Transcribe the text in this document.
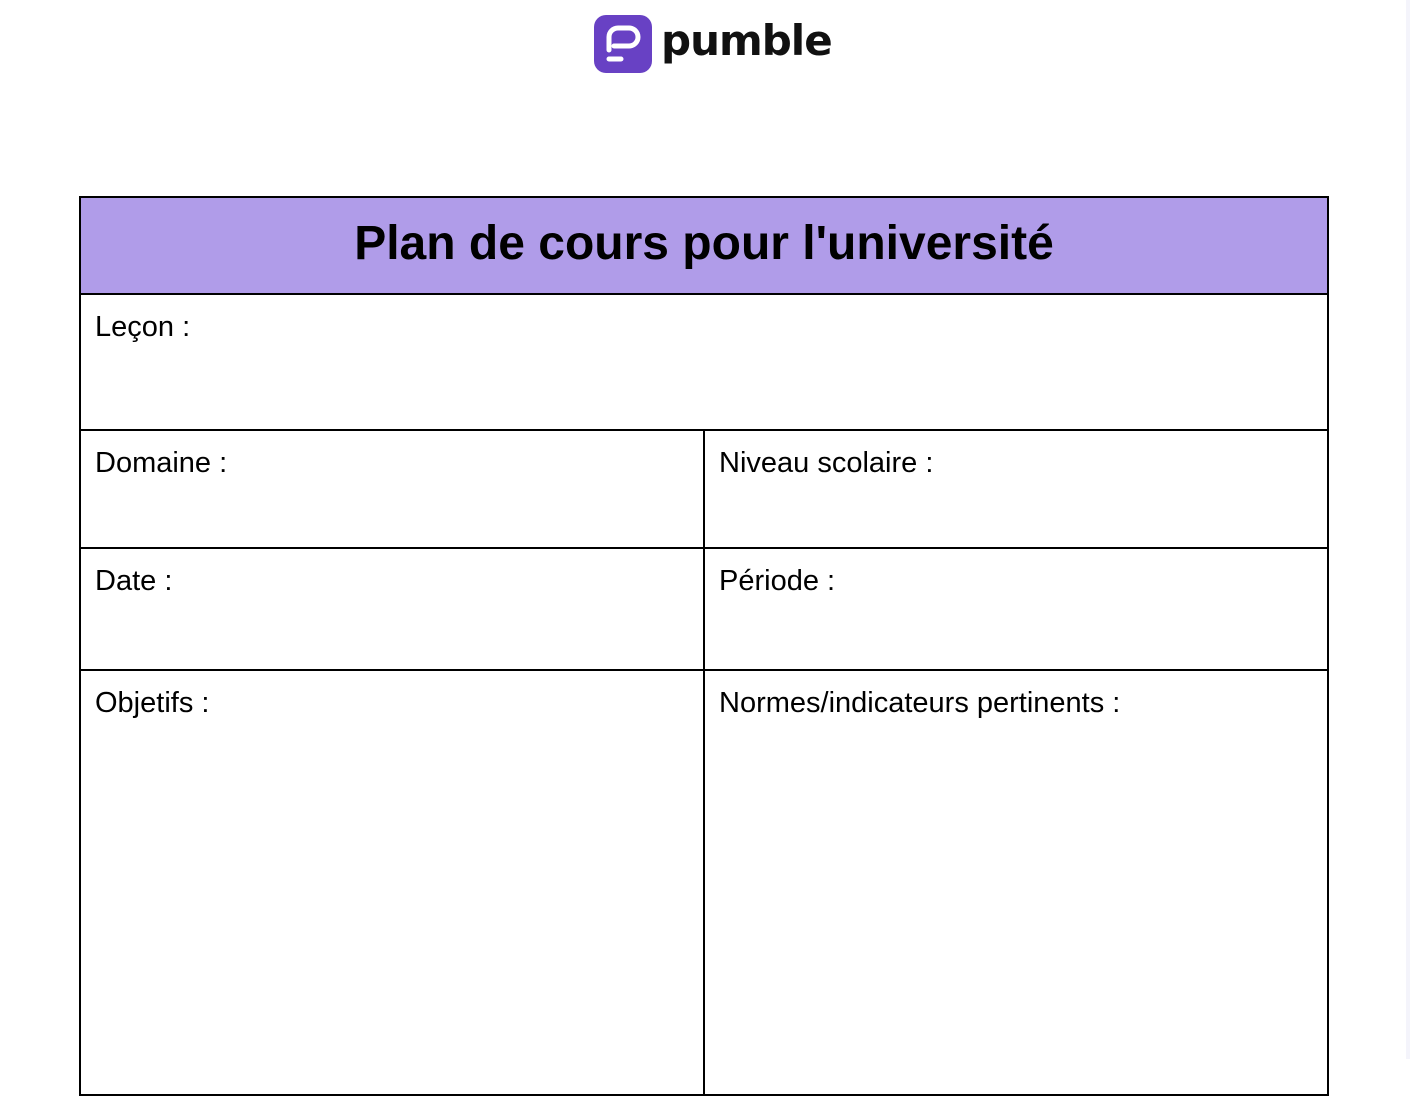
pumble
Plan de cours pour l'université
Leçon :
Domaine :	Niveau scolaire :
Date :	Période :
Objetifs :	Normes/indicateurs pertinents :
